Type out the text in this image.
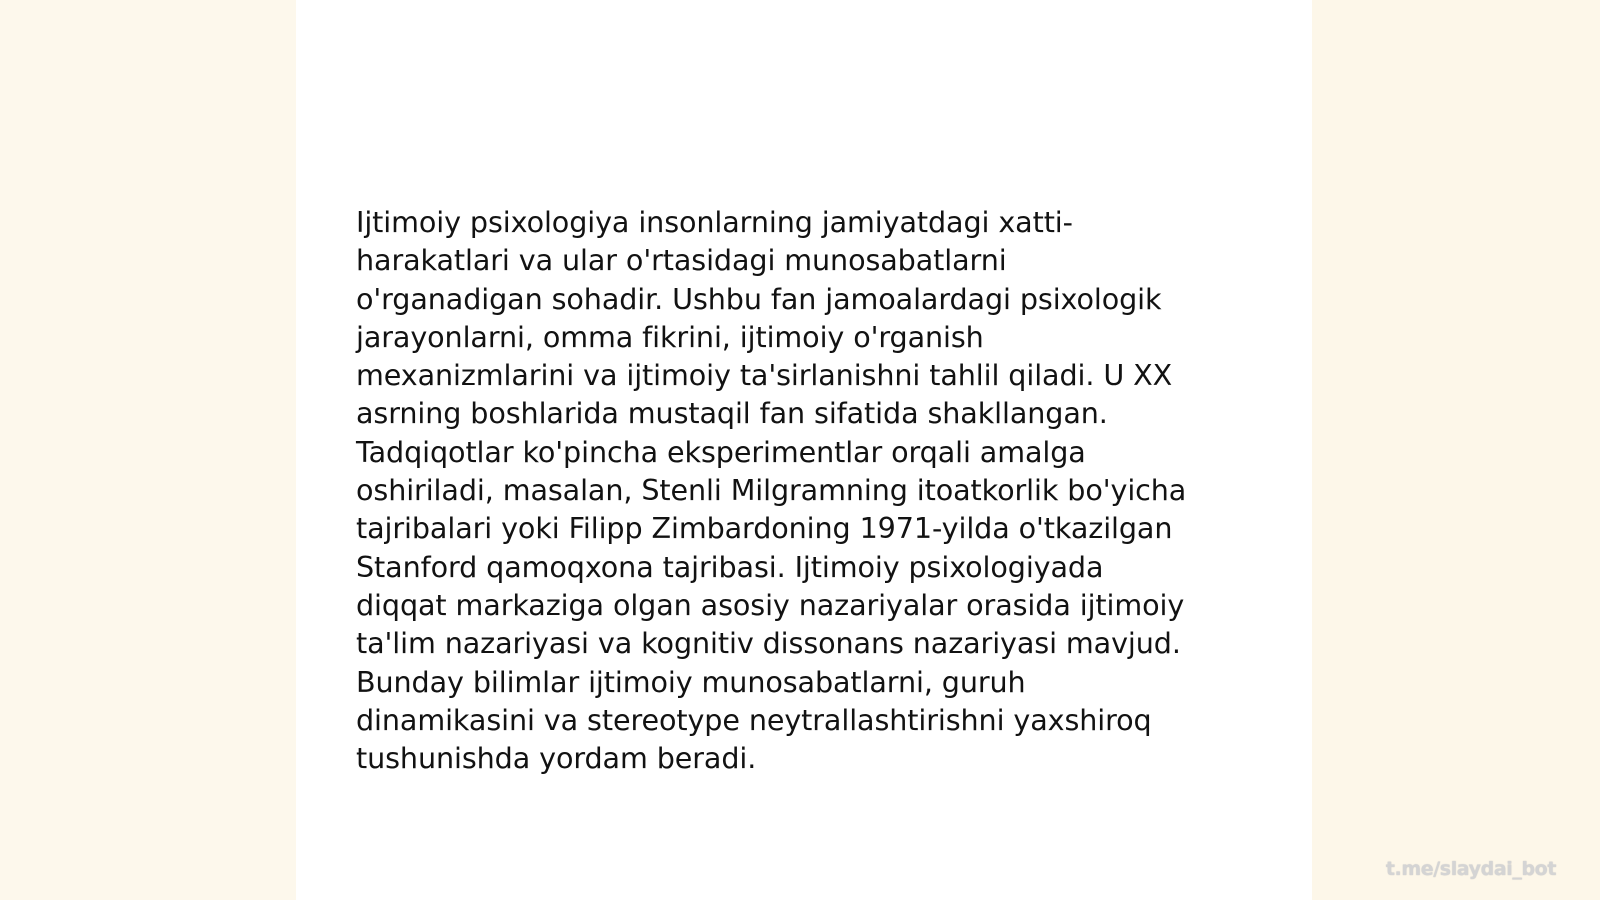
Ijtimoiy psixologiya insonlarning jamiyatdagi xatti-
harakatlari va ular o'rtasidagi munosabatlarni
o'rganadigan sohadir. Ushbu fan jamoalardagi psixologik
jarayonlarni, omma fikrini, ijtimoiy o'rganish
mexanizmlarini va ijtimoiy ta'sirlanishni tahlil qiladi. U XX
asrning boshlarida mustaqil fan sifatida shakllangan.
Tadqiqotlar ko'pincha eksperimentlar orqali amalga
oshiriladi, masalan, Stenli Milgramning itoatkorlik bo'yicha
tajribalari yoki Filipp Zimbardoning 1971-yilda o'tkazilgan
Stanford qamoqxona tajribasi. Ijtimoiy psixologiyada
diqqat markaziga olgan asosiy nazariyalar orasida ijtimoiy
ta'lim nazariyasi va kognitiv dissonans nazariyasi mavjud.
Bunday bilimlar ijtimoiy munosabatlarni, guruh
dinamikasini va stereotype neytrallashtirishni yaxshiroq
tushunishda yordam beradi.

t.me/slaydai_bot
